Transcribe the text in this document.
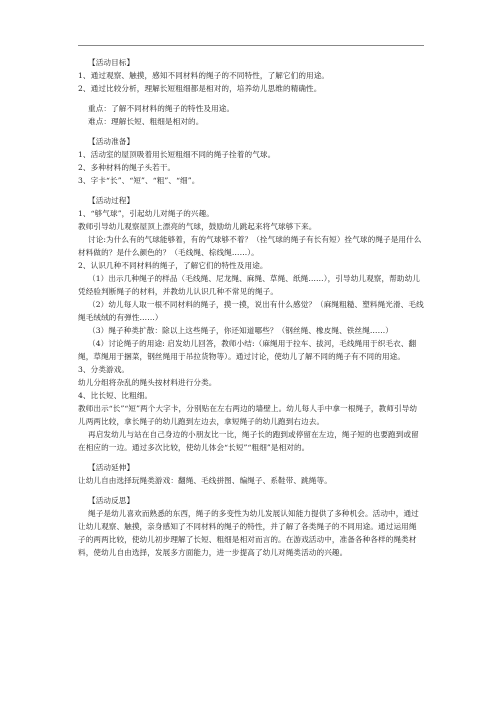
【活动目标】

1、通过观察、触摸，感知不同材料的绳子的不同特性，了解它们的用途。

2、通过比较分析，理解长短粗细都是相对的，培养幼儿思维的精确性。

重点：了解不同材料的绳子的特性及用途。

难点：理解长短、粗细是相对的。

【活动准备】

1、活动室的屋顶吸着用长短粗细不同的绳子拴着的气球。

2、多种材料的绳子头若干。

3、字卡“长”、“短”、“粗”、“细”。

【活动过程】

1、“够气球”，引起幼儿对绳子的兴趣。

教师引导幼儿观察屋顶上漂亮的气球，鼓励幼儿跳起来将气球够下来。

讨论:为什么有的气球能够着，有的气球够不着？（拴气球的绳子有长有短）拴气球的绳子是用什么材料做的？是什么颜色的？（毛线绳、棕线绳……）。

2、认识几种不同材料的绳子，了解它们的特性及用途。

（1）出示几种绳子的样品（毛线绳、尼龙绳、麻绳、草绳、纸绳……），引导幼儿观察，帮助幼儿凭经验判断绳子的材料，并教幼儿认识几种不常见的绳子。

（2）幼儿每人取一根不同材料的绳子，摸一摸，说出有什么感觉？（麻绳粗糙、塑料绳光滑、毛线绳毛绒绒的有弹性……）

（3）绳子种类扩散：除以上这些绳子，你还知道哪些？（钢丝绳、橡皮绳、铁丝绳……）

（4）讨论绳子的用途: 启发幼儿回答，教师小结:（麻绳用于拉车、拔河，毛线绳用于织毛衣、翻绳，草绳用于捆菜，钢丝绳用于吊拉货物等）。通过讨论，使幼儿了解不同的绳子有不同的用途。

3、分类游戏。

幼儿分组将杂乱的绳头按材料进行分类。

4、比长短、比粗细。

教师出示“长”“短”两个大字卡，分别贴在左右两边的墙壁上。幼儿每人手中拿一根绳子，教师引导幼儿两两比较，拿长绳子的幼儿跑到左边去，拿短绳子的幼儿跑到右边去。

再启发幼儿与站在自己身边的小朋友比一比，绳子长的跑到或停留在左边，绳子短的也要跑到或留在相应的一边。通过多次比较，使幼儿体会“长短”“粗细”是相对的。

【活动延伸】

让幼儿自由选择玩绳类游戏：翻绳、毛线拼图、编绳子、系鞋带、跳绳等。

【活动反思】

绳子是幼儿喜欢而熟悉的东西，绳子的多变性为幼儿发展认知能力提供了多种机会。活动中，通过让幼儿观察、触摸，亲身感知了不同材料的绳子的特性，并了解了各类绳子的不同用途。通过运用绳子的两两比较，使幼儿初步理解了长短、粗细是相对而言的。在游戏活动中，准备各种各样的绳类材料，使幼儿自由选择，发展多方面能力，进一步提高了幼儿对绳类活动的兴趣。
